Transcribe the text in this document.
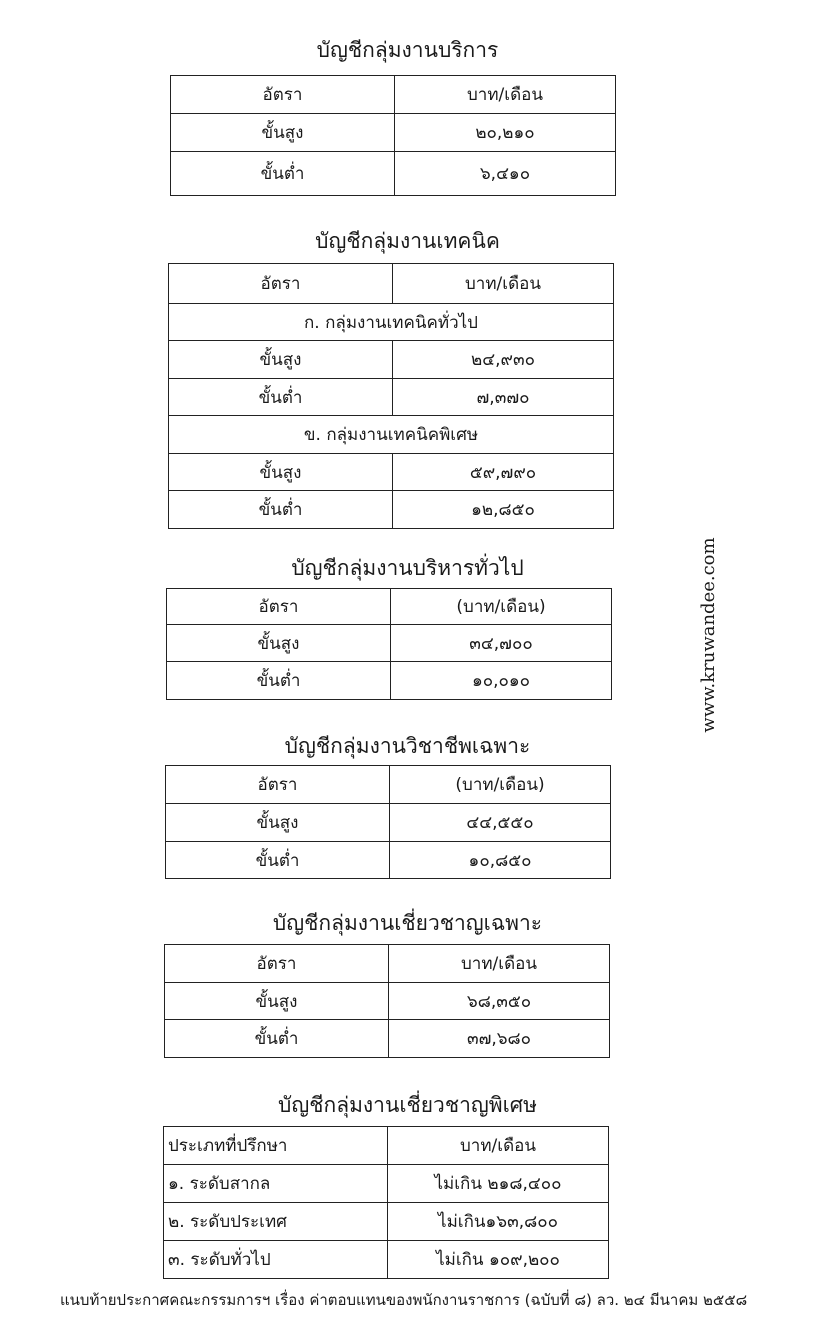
บัญชีกลุ่มงานบริการ
อัตรา	บาท/เดือน
ขั้นสูง	๒๐,๒๑๐
ขั้นต่ำ	๖,๔๑๐
บัญชีกลุ่มงานเทคนิค
อัตรา	บาท/เดือน
ก. กลุ่มงานเทคนิคทั่วไป	
ขั้นสูง	๒๔,๙๓๐
ขั้นต่ำ	๗,๓๗๐
ข. กลุ่มงานเทคนิคพิเศษ	
ขั้นสูง	๕๙,๗๙๐
ขั้นต่ำ	๑๒,๘๕๐
บัญชีกลุ่มงานบริหารทั่วไป
อัตรา	(บาท/เดือน)
ขั้นสูง	๓๔,๗๐๐
ขั้นต่ำ	๑๐,๐๑๐
บัญชีกลุ่มงานวิชาชีพเฉพาะ
อัตรา	(บาท/เดือน)
ขั้นสูง	๔๔,๕๕๐
ขั้นต่ำ	๑๐,๘๕๐
บัญชีกลุ่มงานเชี่ยวชาญเฉพาะ
อัตรา	บาท/เดือน
ขั้นสูง	๖๘,๓๕๐
ขั้นต่ำ	๓๗,๖๘๐
บัญชีกลุ่มงานเชี่ยวชาญพิเศษ
ประเภทที่ปรึกษา	บาท/เดือน
๑. ระดับสากล	ไม่เกิน ๒๑๘,๔๐๐
๒. ระดับประเทศ	ไม่เกิน๑๖๓,๘๐๐
๓. ระดับทั่วไป	ไม่เกิน ๑๐๙,๒๐๐
www.kruwandee.com
แนบท้ายประกาศคณะกรรมการฯ เรื่อง ค่าตอบแทนของพนักงานราชการ (ฉบับที่ ๘) ลว. ๒๔ มีนาคม ๒๕๕๘
